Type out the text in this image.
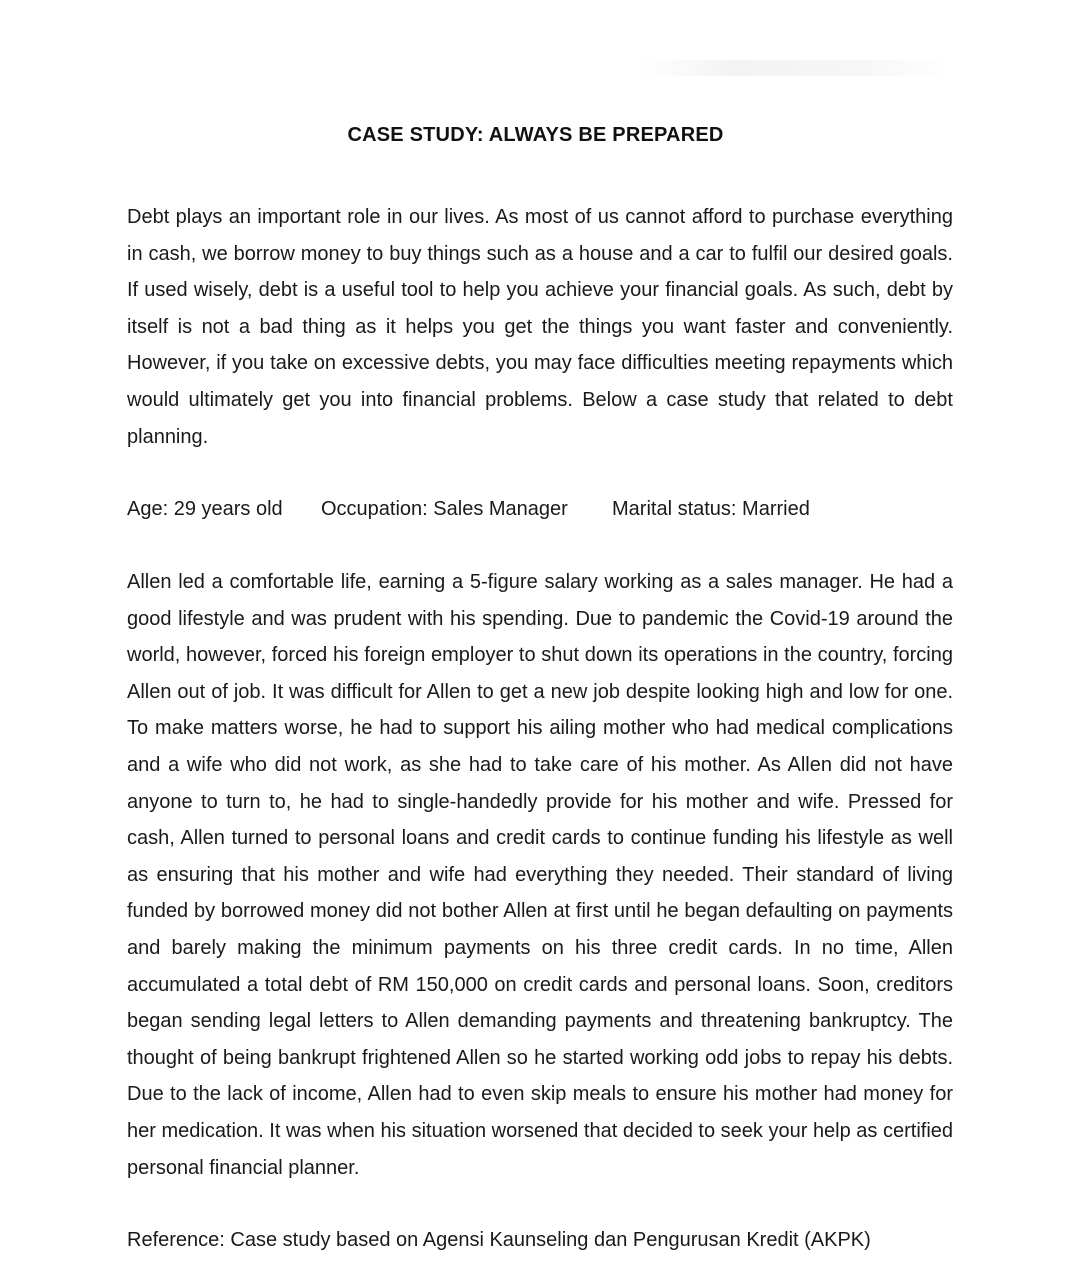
CASE STUDY: ALWAYS BE PREPARED
Debt plays an important role in our lives. As most of us cannot afford to purchase everything in cash, we borrow money to buy things such as a house and a car to fulfil our desired goals. If used wisely, debt is a useful tool to help you achieve your financial goals. As such, debt by itself is not a bad thing as it helps you get the things you want faster and conveniently. However, if you take on excessive debts, you may face difficulties meeting repayments which would ultimately get you into financial problems. Below a case study that related to debt planning.
Age: 29 years old Occupation: Sales Manager Marital status: Married
Allen led a comfortable life, earning a 5-figure salary working as a sales manager. He had a good lifestyle and was prudent with his spending. Due to pandemic the Covid-19 around the world, however, forced his foreign employer to shut down its operations in the country, forcing Allen out of job. It was difficult for Allen to get a new job despite looking high and low for one. To make matters worse, he had to support his ailing mother who had medical complications and a wife who did not work, as she had to take care of his mother. As Allen did not have anyone to turn to, he had to single-handedly provide for his mother and wife. Pressed for cash, Allen turned to personal loans and credit cards to continue funding his lifestyle as well as ensuring that his mother and wife had everything they needed. Their standard of living funded by borrowed money did not bother Allen at first until he began defaulting on payments and barely making the minimum payments on his three credit cards. In no time, Allen accumulated a total debt of RM 150,000 on credit cards and personal loans. Soon, creditors began sending legal letters to Allen demanding payments and threatening bankruptcy. The thought of being bankrupt frightened Allen so he started working odd jobs to repay his debts. Due to the lack of income, Allen had to even skip meals to ensure his mother had money for her medication. It was when his situation worsened that decided to seek your help as certified personal financial planner.
Reference: Case study based on Agensi Kaunseling dan Pengurusan Kredit (AKPK)
